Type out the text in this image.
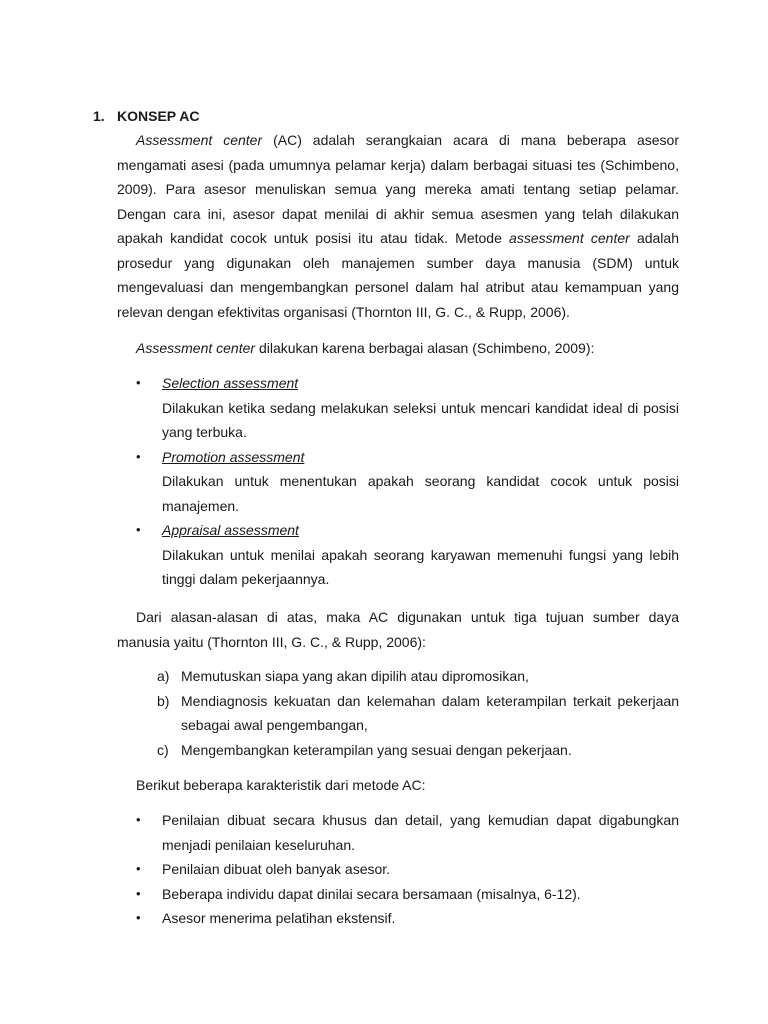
1. KONSEP AC
Assessment center (AC) adalah serangkaian acara di mana beberapa asesor mengamati asesi (pada umumnya pelamar kerja) dalam berbagai situasi tes (Schimbeno, 2009). Para asesor menuliskan semua yang mereka amati tentang setiap pelamar. Dengan cara ini, asesor dapat menilai di akhir semua asesmen yang telah dilakukan apakah kandidat cocok untuk posisi itu atau tidak. Metode assessment center adalah prosedur yang digunakan oleh manajemen sumber daya manusia (SDM) untuk mengevaluasi dan mengembangkan personel dalam hal atribut atau kemampuan yang relevan dengan efektivitas organisasi (Thornton III, G. C., & Rupp, 2006).
Assessment center dilakukan karena berbagai alasan (Schimbeno, 2009):
•	Selection assessment
Dilakukan ketika sedang melakukan seleksi untuk mencari kandidat ideal di posisi yang terbuka.
•	Promotion assessment
Dilakukan untuk menentukan apakah seorang kandidat cocok untuk posisi manajemen.
•	Appraisal assessment
Dilakukan untuk menilai apakah seorang karyawan memenuhi fungsi yang lebih tinggi dalam pekerjaannya.
Dari alasan-alasan di atas, maka AC digunakan untuk tiga tujuan sumber daya manusia yaitu (Thornton III, G. C., & Rupp, 2006):
a) Memutuskan siapa yang akan dipilih atau dipromosikan,
b) Mendiagnosis kekuatan dan kelemahan dalam keterampilan terkait pekerjaan sebagai awal pengembangan,
c) Mengembangkan keterampilan yang sesuai dengan pekerjaan.
Berikut beberapa karakteristik dari metode AC:
•	Penilaian dibuat secara khusus dan detail, yang kemudian dapat digabungkan menjadi penilaian keseluruhan.
•	Penilaian dibuat oleh banyak asesor.
•	Beberapa individu dapat dinilai secara bersamaan (misalnya, 6-12).
•	Asesor menerima pelatihan ekstensif.
